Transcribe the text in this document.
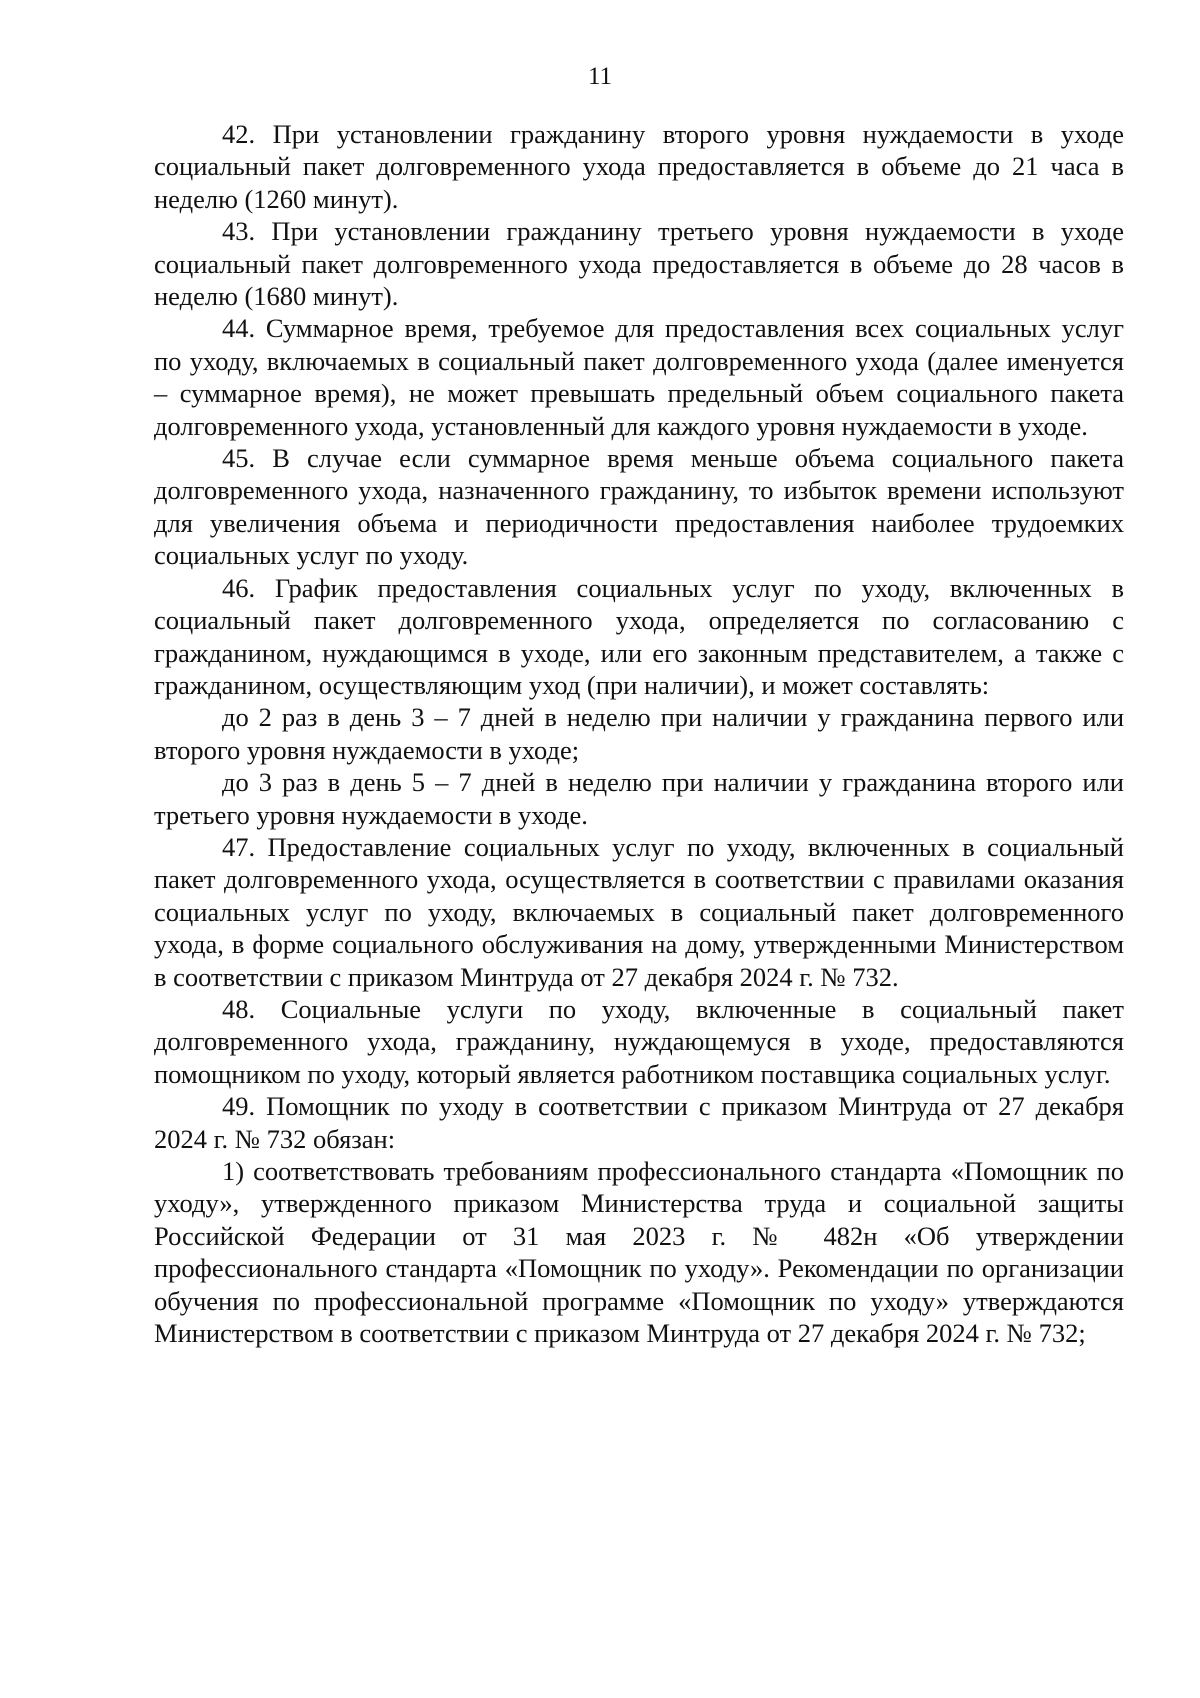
11

42. При установлении гражданину второго уровня нуждаемости в уходе социальный пакет долговременного ухода предоставляется в объеме до 21 часа в неделю (1260 минут).

43. При установлении гражданину третьего уровня нуждаемости в уходе социальный пакет долговременного ухода предоставляется в объеме до 28 часов в неделю (1680 минут).

44. Суммарное время, требуемое для предоставления всех социальных услуг по уходу, включаемых в социальный пакет долговременного ухода (далее именуется – суммарное время), не может превышать предельный объем социального пакета долговременного ухода, установленный для каждого уровня нуждаемости в уходе.

45. В случае если суммарное время меньше объема социального пакета долговременного ухода, назначенного гражданину, то избыток времени используют для увеличения объема и периодичности предоставления наиболее трудоемких социальных услуг по уходу.

46. График предоставления социальных услуг по уходу, включенных в социальный пакет долговременного ухода, определяется по согласованию с гражданином, нуждающимся в уходе, или его законным представителем, а также с гражданином, осуществляющим уход (при наличии), и может составлять:

до 2 раз в день 3 – 7 дней в неделю при наличии у гражданина первого или второго уровня нуждаемости в уходе;

до 3 раз в день 5 – 7 дней в неделю при наличии у гражданина второго или третьего уровня нуждаемости в уходе.

47. Предоставление социальных услуг по уходу, включенных в социальный пакет долговременного ухода, осуществляется в соответствии с правилами оказания социальных услуг по уходу, включаемых в социальный пакет долговременного ухода, в форме социального обслуживания на дому, утвержденными Министерством в соответствии с приказом Минтруда от 27 декабря 2024 г. № 732.

48. Социальные услуги по уходу, включенные в социальный пакет долговременного ухода, гражданину, нуждающемуся в уходе, предоставляются помощником по уходу, который является работником поставщика социальных услуг.

49. Помощник по уходу в соответствии с приказом Минтруда от 27 декабря 2024 г. № 732 обязан:

1) соответствовать требованиям профессионального стандарта «Помощник по уходу», утвержденного приказом Министерства труда и социальной защиты Российской Федерации от 31 мая 2023 г. № 482н «Об утверждении профессионального стандарта «Помощник по уходу». Рекомендации по организации обучения по профессиональной программе «Помощник по уходу» утверждаются Министерством в соответствии с приказом Минтруда от 27 декабря 2024 г. № 732;
